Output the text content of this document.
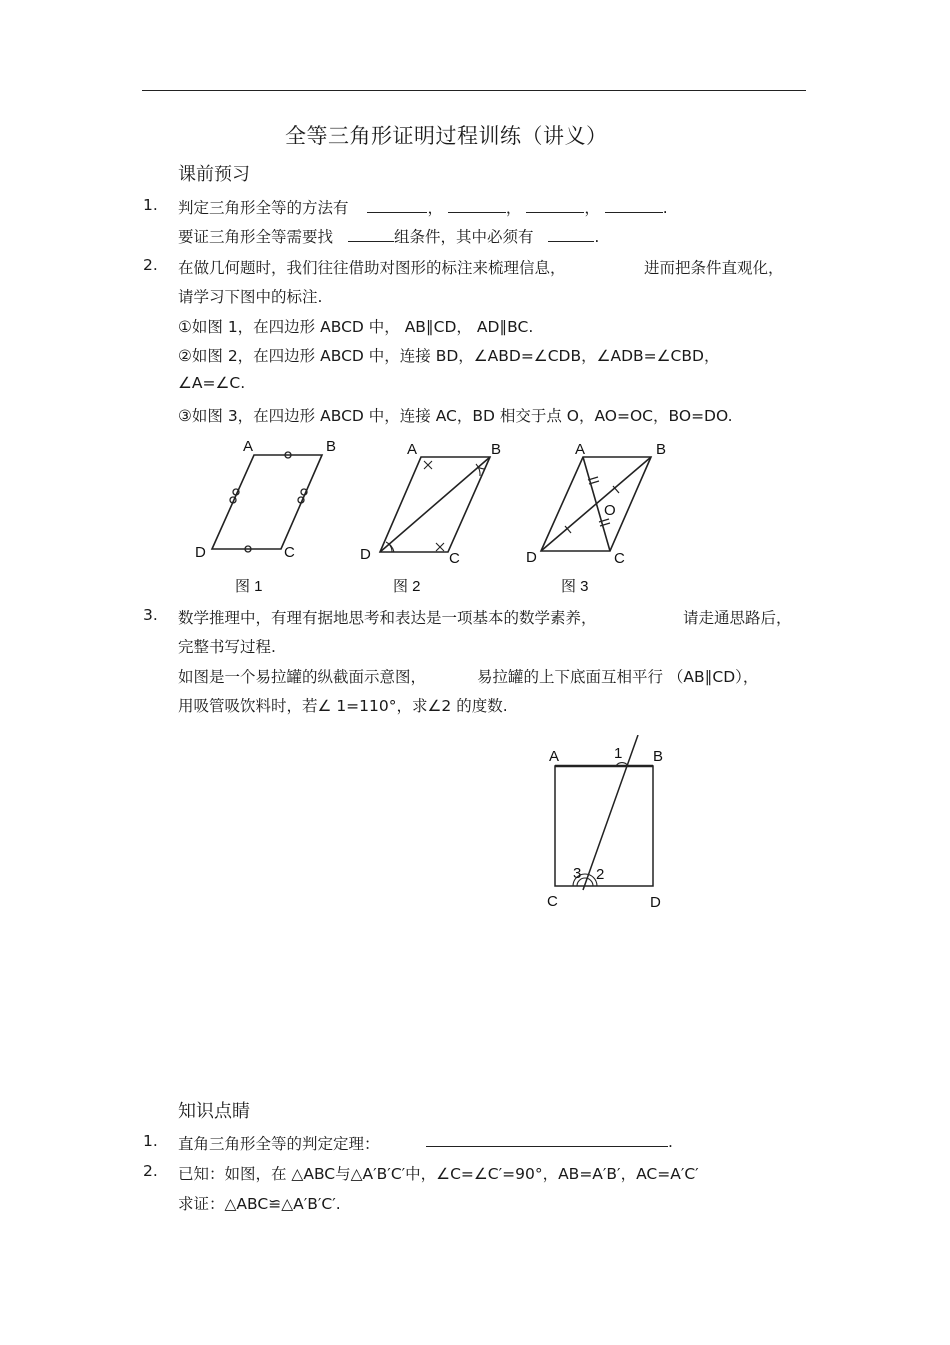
全等三角形证明过程训练（讲义）
课前预习
1. 判定三角形全等的方法有	，	，	，	.
要证三角形全等需要找	组条件，其中必须有	.
2. 在做几何题时，我们往往借助对图形的标注来梳理信息，	进而把条件直观化，
请学习下图中的标注.
①如图 1，在四边形 ABCD 中， AB∥CD， AD∥BC.
②如图 2，在四边形 ABCD 中，连接 BD，∠ABD=∠CDB，∠ADB=∠CBD，
∠A=∠C.
③如图 3，在四边形 ABCD 中，连接 AC，BD 相交于点 O，AO=OC，BO=DO.
A	B
C
D
图 1
A	B
C
D
图 2
A	B
C
D
O
图 3
3. 数学推理中，有理有据地思考和表达是一项基本的数学素养，	请走通思路后，
完整书写过程.
如图是一个易拉罐的纵截面示意图，	易拉罐的上下底面互相平行 （AB∥CD），
用吸管吸饮料时，若∠ 1=110°，求∠2 的度数.
A	B
1
3 2
C	D
知识点睛
1. 直角三角形全等的判定定理：	.
2. 已知：如图，在 △ABC与△A′B′C′中，∠C=∠C′=90°，AB=A′B′，AC=A′C′
求证：△ABC≌△A′B′C′.
